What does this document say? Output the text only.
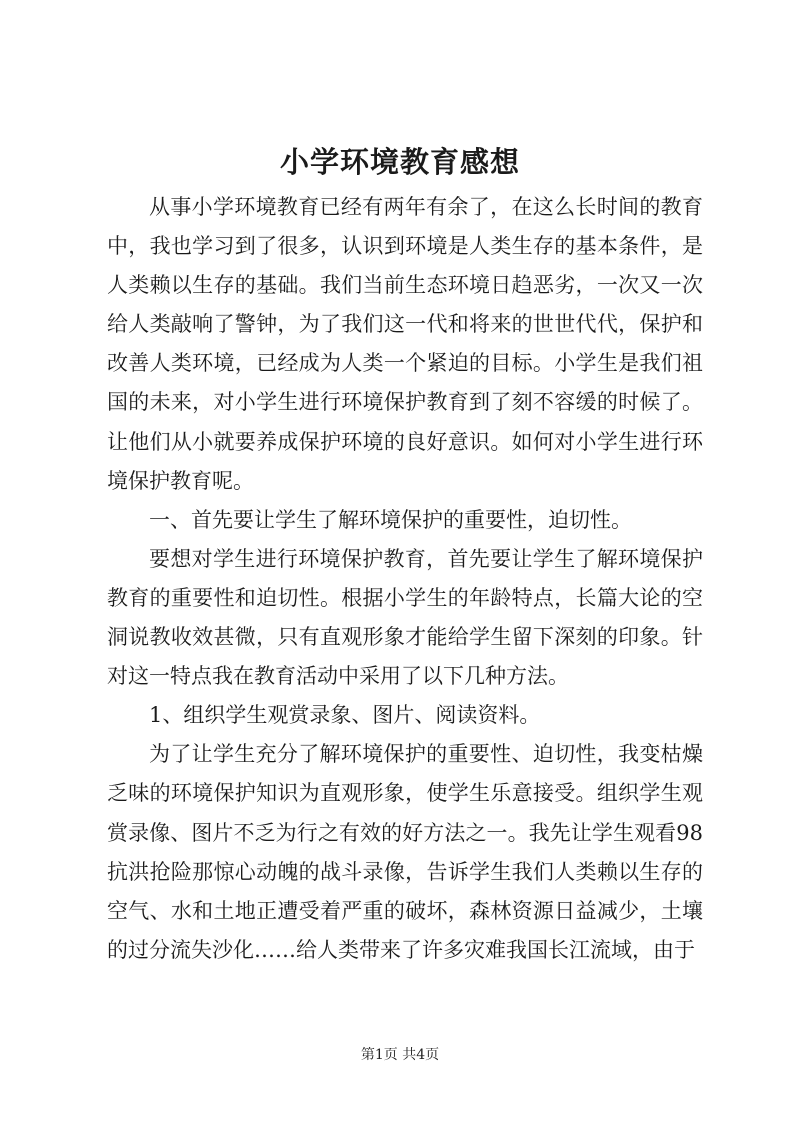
小学环境教育感想

从事小学环境教育已经有两年有余了，在这么长时间的教育中，我也学习到了很多，认识到环境是人类生存的基本条件，是人类赖以生存的基础。我们当前生态环境日趋恶劣，一次又一次给人类敲响了警钟，为了我们这一代和将来的世世代代，保护和改善人类环境，已经成为人类一个紧迫的目标。小学生是我们祖国的未来，对小学生进行环境保护教育到了刻不容缓的时候了。让他们从小就要养成保护环境的良好意识。如何对小学生进行环境保护教育呢。

一、首先要让学生了解环境保护的重要性，迫切性。

要想对学生进行环境保护教育，首先要让学生了解环境保护教育的重要性和迫切性。根据小学生的年龄特点，长篇大论的空洞说教收效甚微，只有直观形象才能给学生留下深刻的印象。针对这一特点我在教育活动中采用了以下几种方法。

1、组织学生观赏录象、图片、阅读资料。

为了让学生充分了解环境保护的重要性、迫切性，我变枯燥乏味的环境保护知识为直观形象，使学生乐意接受。组织学生观赏录像、图片不乏为行之有效的好方法之一。我先让学生观看98抗洪抢险那惊心动魄的战斗录像，告诉学生我们人类赖以生存的空气、水和土地正遭受着严重的破坏，森林资源日益减少，土壤的过分流失沙化……给人类带来了许多灾难我国长江流域，由于

第1页 共4页
